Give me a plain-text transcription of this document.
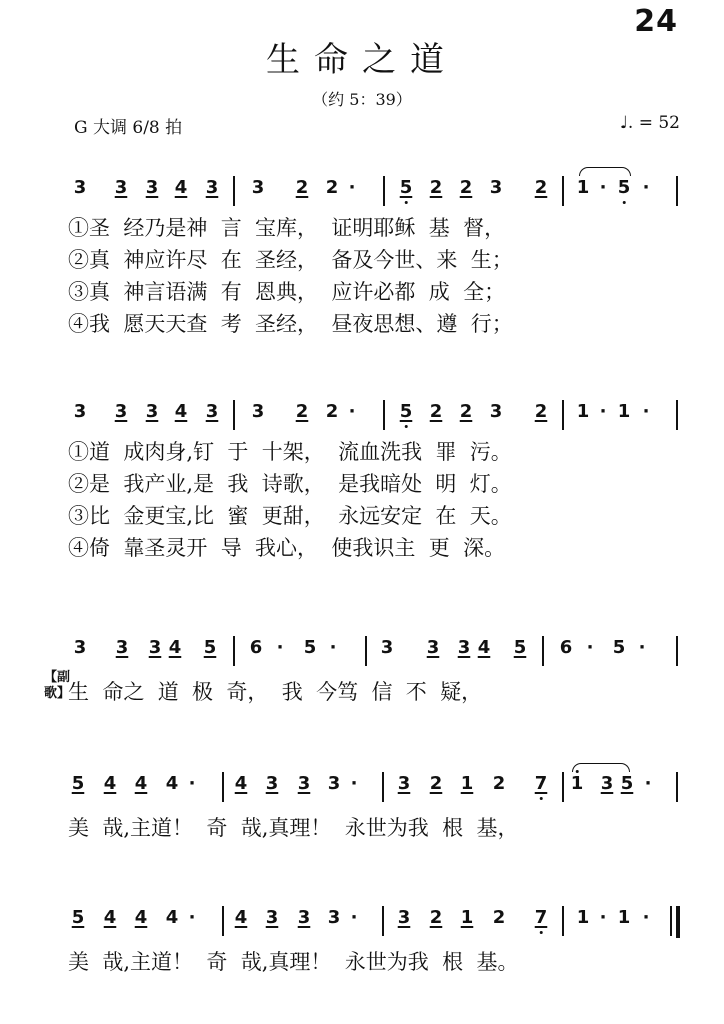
24
生命之道
（约 5：39）
G 大调 6/8 拍	♩. = 52
3 3 3 4 3 3 2 2 · 5 2 2 3 2 1 · 5 ·
①圣  经乃是神  言  宝库，  证明耶稣  基  督，
②真  神应许尽  在  圣经，  备及今世、来  生；
③真  神言语满  有  恩典，  应许必都  成  全；
④我  愿天天查  考  圣经，  昼夜思想、遵  行；
3 3 3 4 3 3 2 2 · 5 2 2 3 2 1 · 1 ·
①道  成肉身,钉  于  十架，  流血洗我  罪  污。
②是  我产业,是  我  诗歌，  是我暗处  明  灯。
③比  金更宝,比  蜜  更甜，  永远安定  在  天。
④倚  靠圣灵开  导  我心，  使我识主  更  深。
3 3 3 4 5 6 · 5 · 3 3 3 4 5 6 · 5 ·
【副歌】
生  命之  道  极  奇，  我  今笃  信  不  疑，
5 4 4 4 · 4 3 3 3 · 3 2 1 2 7 1 3 5 ·
美  哉,主道！  奇  哉,真理！  永世为我  根  基，
5 4 4 4 · 4 3 3 3 · 3 2 1 2 7 1 · 1 ·
美  哉,主道！  奇  哉,真理！  永世为我  根  基。
